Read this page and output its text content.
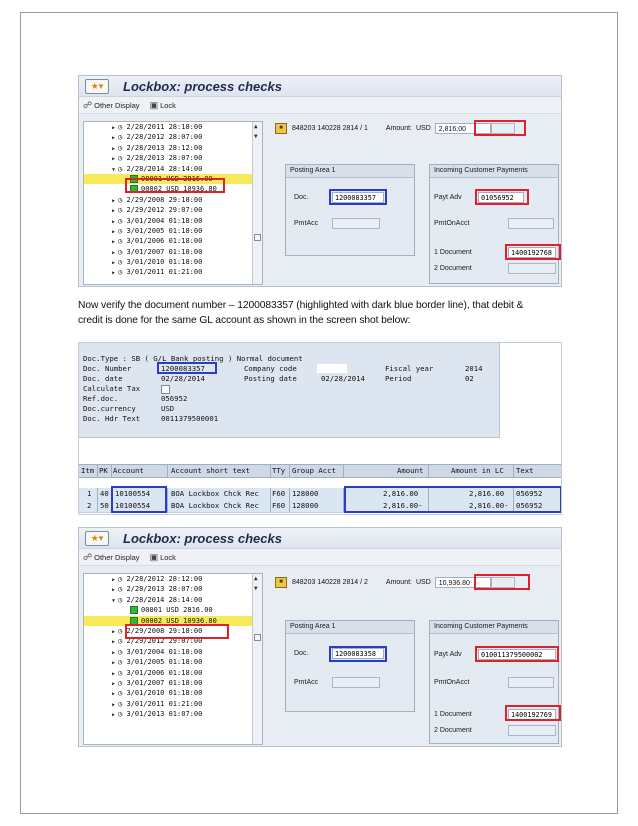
★▾	Lockbox: process checks
☍ Other Display ▣ Lock
▶ ◷ 2/28/2011 28:18:00
▶ ◷ 2/28/2012 28:07:00
▶ ◷ 2/28/2013 28:12:00
▶ ◷ 2/28/2013 28:07:00
▼ ◷ 2/28/2014 28:14:00
00001 USD 2816.00
00002 USD 10936.80
▶ ◷ 2/29/2008 29:18:00
▶ ◷ 2/29/2012 29:07:00
▶ ◷ 3/01/2004 01:18:00
▶ ◷ 3/01/2005 01:18:00
▶ ◷ 3/01/2006 01:18:00
▶ ◷ 3/01/2007 01:18:00
▶ ◷ 3/01/2010 01:18:00
▶ ◷ 3/01/2011 01:21:00
▲
▼
■	848203 140228 2814 / 1	Amount: USD	2,816.00
Posting Area 1
Doc.	1200083357
PmtAcc
Incoming Customer Payments
Payt Adv	01056952
PmtOnAcct
1 Document	1400192768
2 Document
Now verify the document number – 1200083357 (highlighted with dark blue border line), that debit &
credit is done for the same GL account as shown in the screen shot below:
Doc.Type : SB ( G/L Bank posting ) Normal document
Doc. Number	1200083357	Company code	Fiscal year	2014
Doc. date	02/28/2014	Posting date	02/28/2014	Period	02
Calculate Tax
Ref.doc.	056952
Doc.currency	USD
Doc. Hdr Text	0011379500001
Itm PK Account	Account short text	TTy Group Acct	Amount	Amount in LC Text
1 40 10100554	BOA Lockbox Chck Rec F60 128000	2,816.00	2,816.00 056952
2 50 10100554	BOA Lockbox Chck Rec F60 128000	2,816.00-	2,816.00- 056952
★▾	Lockbox: process checks
☍ Other Display ▣ Lock
▶ ◷ 2/28/2012 28:12:00
▶ ◷ 2/28/2013 28:07:00
▼ ◷ 2/28/2014 28:14:00
00001 USD 2816.00
00002 USD 10936.80
▶ ◷ 2/29/2008 29:18:00
▶ ◷ 2/29/2012 29:07:00
▶ ◷ 3/01/2004 01:18:00
▶ ◷ 3/01/2005 01:18:00
▶ ◷ 3/01/2006 01:18:00
▶ ◷ 3/01/2007 01:18:00
▶ ◷ 3/01/2010 01:18:00
▶ ◷ 3/01/2011 01:21:00
▶ ◷ 3/01/2013 01:07:00
▲
▼
■	848203 140228 2814 / 2	Amount: USD	10,936.80
Posting Area 1
Doc.	1200083358
PmtAcc
Incoming Customer Payments
Payt Adv	010011379500002
PmtOnAcct
1 Document	1400192769
2 Document
